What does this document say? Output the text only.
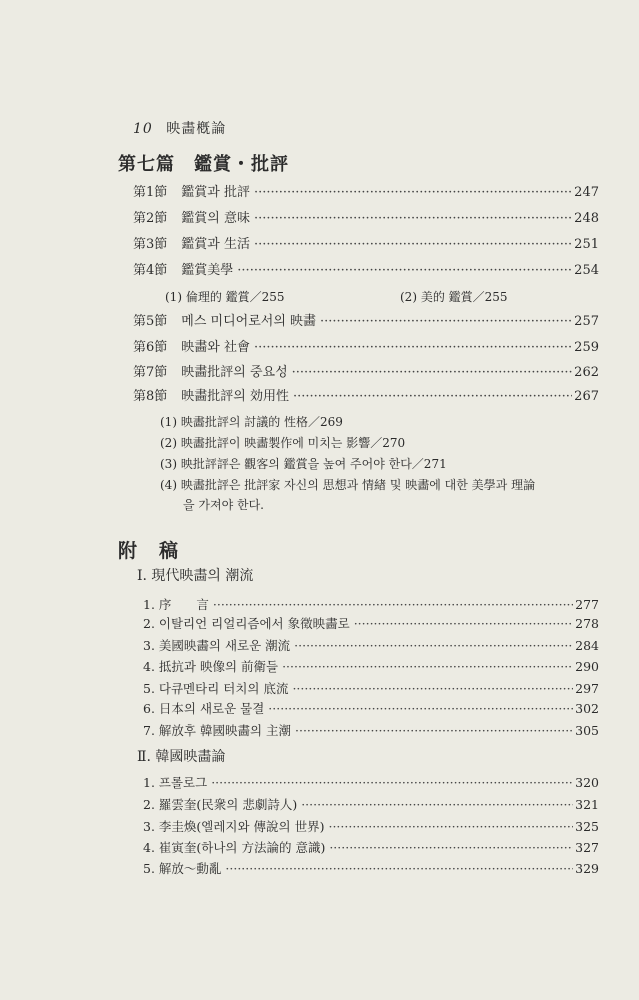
10 映畵槪論
第七篇　鑑賞・批評
第1節 鑑賞과 批評 ·····	247
第2節 鑑賞의 意味 ·····	248
第3節 鑑賞과 生活 ·····	251
第4節 鑑賞美學 ·····	254
(1) 倫理的 鑑賞／255	(2) 美的 鑑賞／255
第5節 메스 미디어로서의 映畵 ·····	257
第6節 映畵와 社會 ·····	259
第7節 映畵批評의 중요성 ·····	262
第8節 映畵批評의 効用性 ·····	267
(1) 映畵批評의 討議的 性格／269
(2) 映畵批評이 映畵製作에 미치는 影響／270
(3) 映批評評은 觀客의 鑑賞을 높여 주어야 한다／271
(4) 映畵批評은 批評家 자신의 思想과 情緖 및 映畵에 대한 美學과 理論
을 가져야 한다.
附稿
Ⅰ. 現代映畵의 潮流
1. 序　　言 ·····	277
2. 이탈리언 리얼리즘에서 象徵映畵로 ·····	278
3. 美國映畵의 새로운 潮流 ·····	284
4. 抵抗과 映像의 前衛들 ·····	290
5. 다큐멘타리 터치의 底流 ·····	297
6. 日本의 새로운 물결 ·····	302
7. 解放후 韓國映畵의 主潮 ·····	305
Ⅱ. 韓國映畵論
1. 프롤로그 ·····	320
2. 羅雲奎(民衆의 悲劇詩人) ·····	321
3. 李圭煥(엘레지와 傳說의 世界) ·····	325
4. 崔寅奎(하나의 方法論的 意識) ·····	327
5. 解放～動亂 ·····	329
